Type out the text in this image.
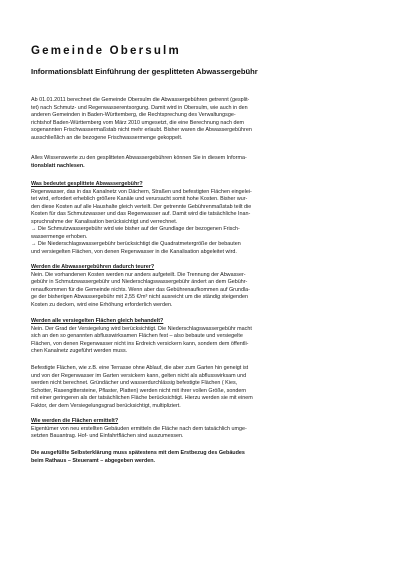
Gemeinde Obersulm
Informationsblatt Einführung der gesplitteten Abwassergebühr
Ab 01.01.2011 berechnet die Gemeinde Obersulm die Abwassergebühren getrennt (gesplit-
tet) nach Schmutz- und Regenwasserentsorgung. Damit wird in Obersulm, wie auch in den
anderen Gemeinden in Baden-Württemberg, die Rechtsprechung des Verwaltungsge-
richtshof Baden-Württemberg vom März 2010 umgesetzt, die eine Berechnung nach dem
sogenannten Frischwassermaßstab nicht mehr erlaubt. Bisher waren die Abwassergebühren
ausschließlich an die bezogene Frischwassermenge gekoppelt.
Alles Wissenswerte zu den gesplitteten Abwassergebühren können Sie in diesem Informa-
tionsblatt nachlesen.
Was bedeutet gesplittete Abwassergebühr?
Regenwasser, das in das Kanalnetz von Dächern, Straßen und befestigten Flächen eingelei-
tet wird, erfordert erheblich größere Kanäle und verursacht somit hohe Kosten. Bisher wur-
den diese Kosten auf alle Haushalte gleich verteilt. Der getrennte Gebührenmaßstab teilt die
Kosten für das Schmutzwasser und das Regenwasser auf. Damit wird die tatsächliche Inan-
spruchnahme der Kanalisation berücksichtigt und verrechnet.
→ Die Schmutzwassergebühr wird wie bisher auf der Grundlage der bezogenen Frisch-
wassermenge erhoben.
→ Die Niederschlagswassergebühr berücksichtigt die Quadratmetergröße der bebauten
und versiegelten Flächen, von denen Regenwasser in die Kanalisation abgeleitet wird.
Werden die Abwassergebühren dadurch teurer?
Nein. Die vorhandenen Kosten werden nur anders aufgeteilt. Die Trennung der Abwasser-
gebühr in Schmutzwassergebühr und Niederschlagswassergebühr ändert an dem Gebühr-
renaufkommen für die Gemeinde nichts. Wenn aber das Gebührenaufkommen auf Grundla-
ge der bisherigen Abwassergebühr mit 2,55 €/m³ nicht ausreicht um die ständig steigenden
Kosten zu decken, wird eine Erhöhung erforderlich werden.
Werden alle versiegelten Flächen gleich behandelt?
Nein. Der Grad der Versiegelung wird berücksichtigt. Die Niederschlagswassergebühr macht
sich an den so genannten abflusswirksamen Flächen fest – also bebaute und versiegelte
Flächen, von denen Regenwasser nicht ins Erdreich versickern kann, sondern dem öffentli-
chen Kanalnetz zugeführt werden muss.
Befestigte Flächen, wie z.B. eine Terrasse ohne Ablauf, die aber zum Garten hin geneigt ist
und von der Regenwasser im Garten versickern kann, gelten nicht als abflusswirksam und
werden nicht berechnet. Gründächer und wasserdurchlässig befestigte Flächen ( Kies,
Schotter, Rasengittersteine, Pflaster, Platten) werden nicht mit ihrer vollen Größe, sondern
mit einer geringeren als der tatsächlichen Fläche berücksichtigt. Hierzu werden sie mit einem
Faktor, der dem Versiegelungsgrad berücksichtigt, multipliziert.
Wie werden die Flächen ermittelt?
Eigentümer von neu erstellten Gebäuden ermitteln die Fläche nach dem tatsächlich umge-
setzten Bauantrag. Hof- und Einfahrtflächen sind auszumessen.
Die ausgefüllte Selbsterklärung muss spätestens mit dem Erstbezug des Gebäudes
beim Rathaus – Steueramt – abgegeben werden.
